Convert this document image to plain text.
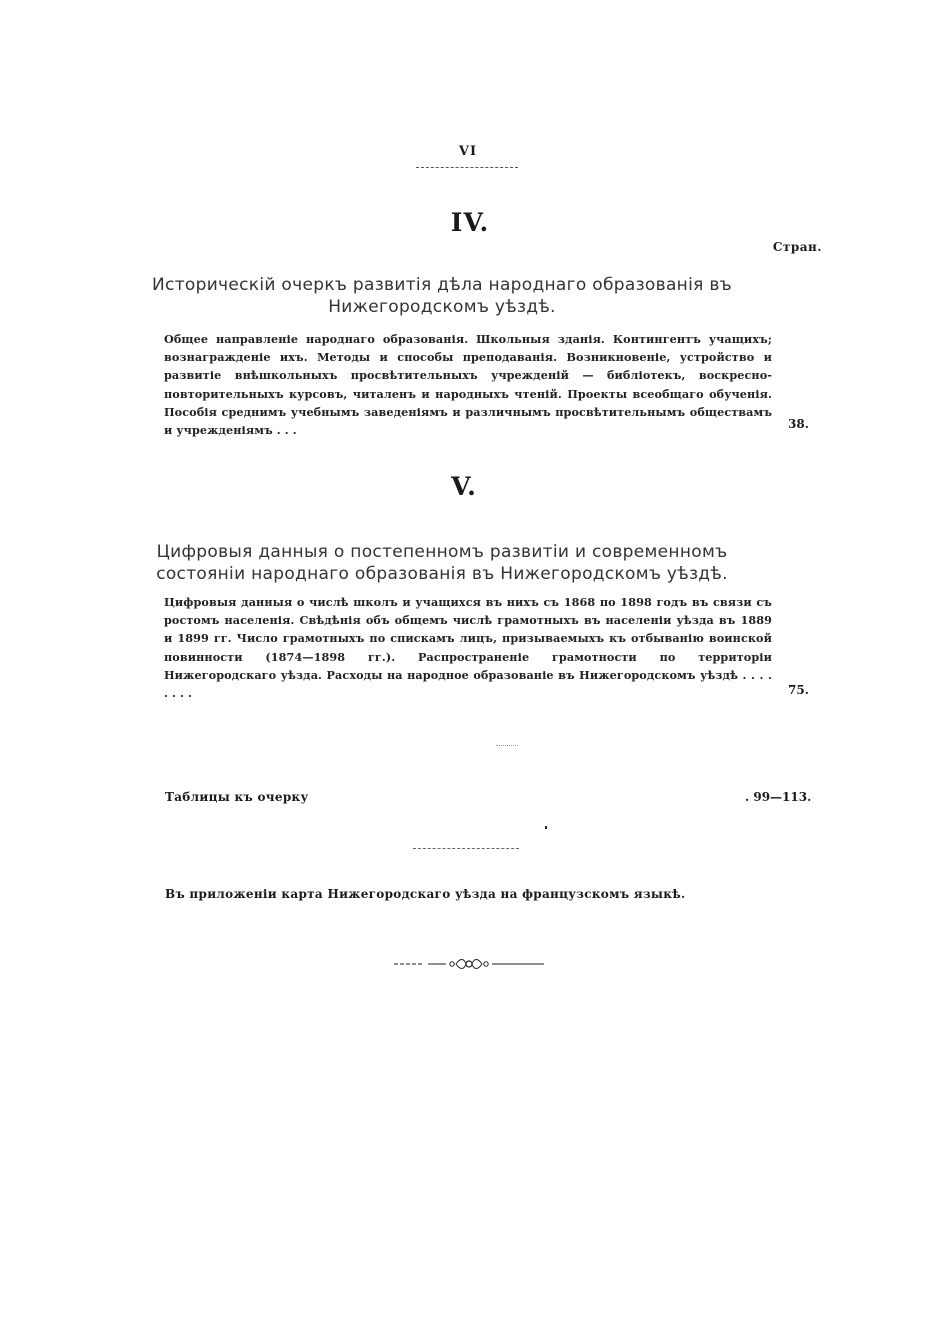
VI
IV.
Стран.
Историческій очеркъ развитія дѣла народнаго образованія въ Нижегородскомъ уѣздѣ.
Общее направленіе народнаго образованія. Школьныя зданія. Контингентъ учащихъ; вознагражденіе ихъ. Методы и способы преподаванія. Возникновеніе, устройство и развитіе внѣшкольныхъ просвѣтительныхъ учрежденій — библіотекъ, воскресно-повторительныхъ курсовъ, читаленъ и народныхъ чтеній. Проекты всеобщаго обученія. Пособія среднимъ учебнымъ заведеніямъ и различнымъ просвѣтительнымъ обществамъ и учрежденіямъ . . .	38.
V.
Цифровыя данныя о постепенномъ развитіи и современномъ состояніи народнаго образованія въ Нижегородскомъ уѣздѣ.
Цифровыя данныя о числѣ школъ и учащихся въ нихъ съ 1868 по 1898 годъ въ связи съ ростомъ населенія. Свѣдѣнія объ общемъ числѣ грамотныхъ въ населеніи уѣзда въ 1889 и 1899 гг. Число грамотныхъ по спискамъ лицъ, призываемыхъ къ отбыванію воинской повинности (1874—1898 гг.). Распространеніе грамотности по территоріи Нижегородскаго уѣзда. Расходы на народное образованіе въ Нижегородскомъ уѣздѣ . . . . . . . .	75.
Таблицы къ очерку	. 99—113.
Въ приложеніи карта Нижегородскаго уѣзда на французскомъ языкѣ.
